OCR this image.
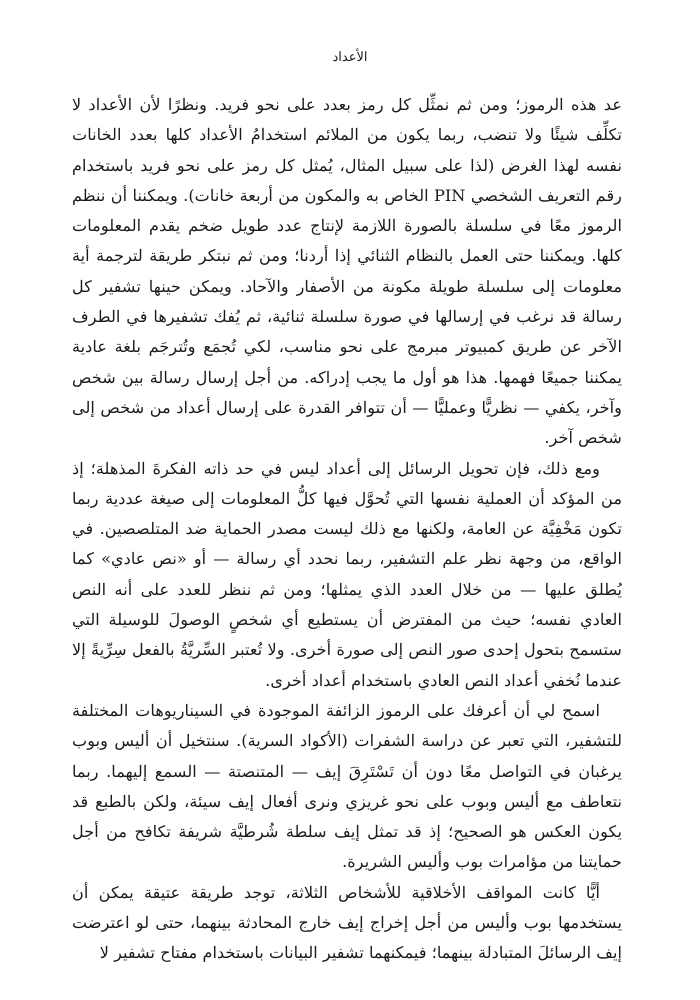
الأعداد

عد هذه الرموز؛ ومن ثم نمثِّل كل رمز بعدد على نحو فريد. ونظرًا لأن الأعداد لا تكلِّف شيئًا ولا تنضب، ربما يكون من الملائم استخدامُ الأعداد كلها بعدد الخانات نفسه لهذا الغرض (لذا على سبيل المثال، يُمثل كل رمز على نحو فريد باستخدام رقم التعريف الشخصي PIN الخاص به والمكون من أربعة خانات). ويمكننا أن ننظم الرموز معًا في سلسلة بالصورة اللازمة لإنتاج عدد طويل ضخم يقدم المعلومات كلها. ويمكننا حتى العمل بالنظام الثنائي إذا أردنا؛ ومن ثم نبتكر طريقة لترجمة أية معلومات إلى سلسلة طويلة مكونة من الأصفار والآحاد. ويمكن حينها تشفير كل رسالة قد نرغب في إرسالها في صورة سلسلة ثنائية، ثم يُفك تشفيرها في الطرف الآخر عن طريق كمبيوتر مبرمج على نحو مناسب، لكي تُجمَع وتُترجَم بلغة عادية يمكننا جميعًا فهمها. هذا هو أول ما يجب إدراكه. من أجل إرسال رسالة بين شخص وآخر، يكفي — نظريًّا وعمليًّا — أن تتوافر القدرة على إرسال أعداد من شخص إلى شخص آخر.

ومع ذلك، فإن تحويل الرسائل إلى أعداد ليس في حد ذاته الفكرةَ المذهلة؛ إذ من المؤكد أن العملية نفسها التي تُحوَّل فيها كلُّ المعلومات إلى صيغة عددية ربما تكون مَخْفِيَّة عن العامة، ولكنها مع ذلك ليست مصدر الحماية ضد المتلصصين. في الواقع، من وجهة نظر علم التشفير، ربما نحدد أي رسالة — أو «نص عادي» كما يُطلق عليها — من خلال العدد الذي يمثلها؛ ومن ثم ننظر للعدد على أنه النص العادي نفسه؛ حيث من المفترض أن يستطيع أي شخصٍ الوصولَ للوسيلة التي ستسمح بتحول إحدى صور النص إلى صورة أخرى. ولا تُعتبر السِّريَّةُ بالفعل سِرِّيةً إلا عندما نُخفي أعداد النص العادي باستخدام أعداد أخرى.

اسمح لي أن أعرفك على الرموز الزائفة الموجودة في السيناريوهات المختلفة للتشفير، التي تعبر عن دراسة الشفرات (الأكواد السرية). سنتخيل أن أليس وبوب يرغبان في التواصل معًا دون أن تَسْتَرِقَ إيف — المتنصتة — السمع إليهما. ربما نتعاطف مع أليس وبوب على نحو غريزي ونرى أفعال إيف سيئة، ولكن بالطبع قد يكون العكس هو الصحيح؛ إذ قد تمثل إيف سلطة شُرطيَّة شريفة تكافح من أجل حمايتنا من مؤامرات بوب وأليس الشريرة.

أيًّا كانت المواقف الأخلاقية للأشخاص الثلاثة، توجد طريقة عتيقة يمكن أن يستخدمها بوب وأليس من أجل إخراج إيف خارج المحادثة بينهما، حتى لو اعترضت إيف الرسائلَ المتبادلة بينهما؛ فيمكنهما تشفير البيانات باستخدام مفتاح تشفير لا
